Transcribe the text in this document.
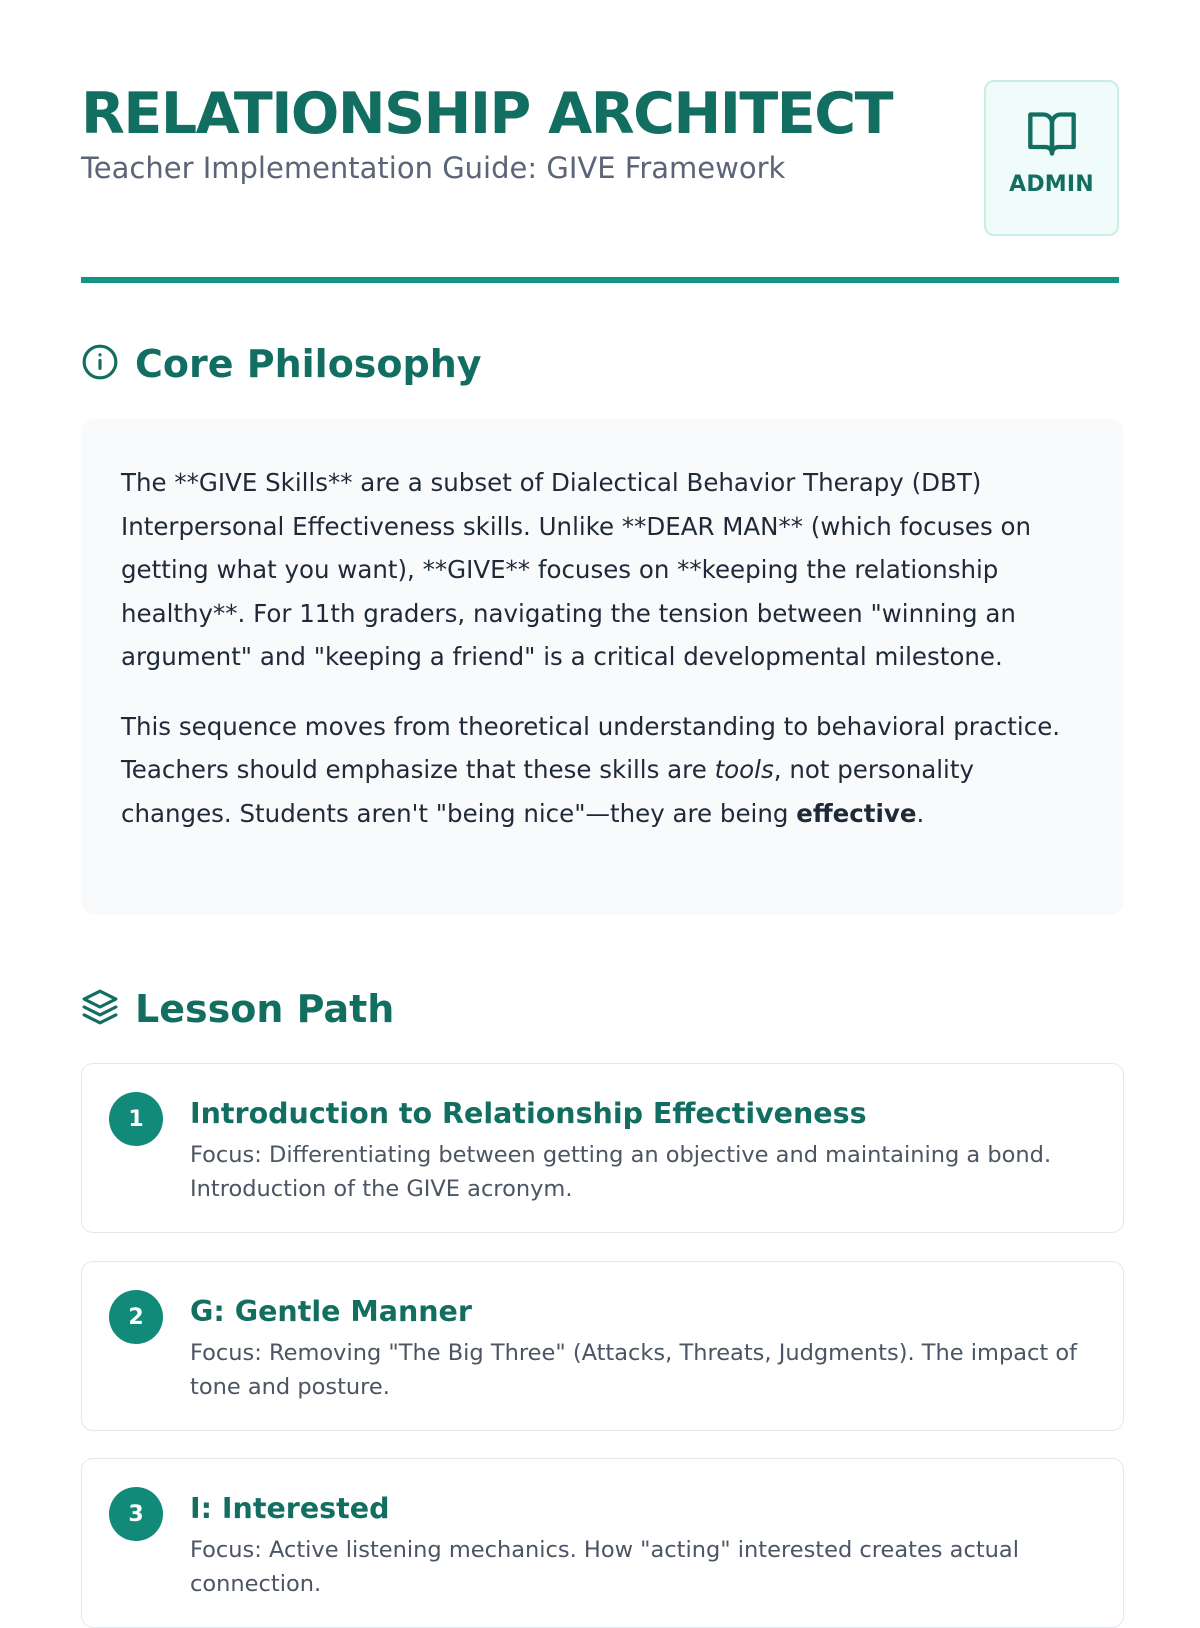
RELATIONSHIP ARCHITECT
Teacher Implementation Guide: GIVE Framework	ADMIN
Core Philosophy

The **GIVE Skills** are a subset of Dialectical Behavior Therapy (DBT) Interpersonal Effectiveness skills. Unlike **DEAR MAN** (which focuses on getting what you want), **GIVE** focuses on **keeping the relationship healthy**. For 11th graders, navigating the tension between "winning an argument" and "keeping a friend" is a critical developmental milestone.

This sequence moves from theoretical understanding to behavioral practice. Teachers should emphasize that these skills are tools, not personality changes. Students aren't "being nice"—they are being effective.

Lesson Path
1	Introduction to Relationship Effectiveness
Focus: Differentiating between getting an objective and maintaining a bond. Introduction of the GIVE acronym.
2	G: Gentle Manner
Focus: Removing "The Big Three" (Attacks, Threats, Judgments). The impact of tone and posture.
3	I: Interested
Focus: Active listening mechanics. How "acting" interested creates actual connection.
